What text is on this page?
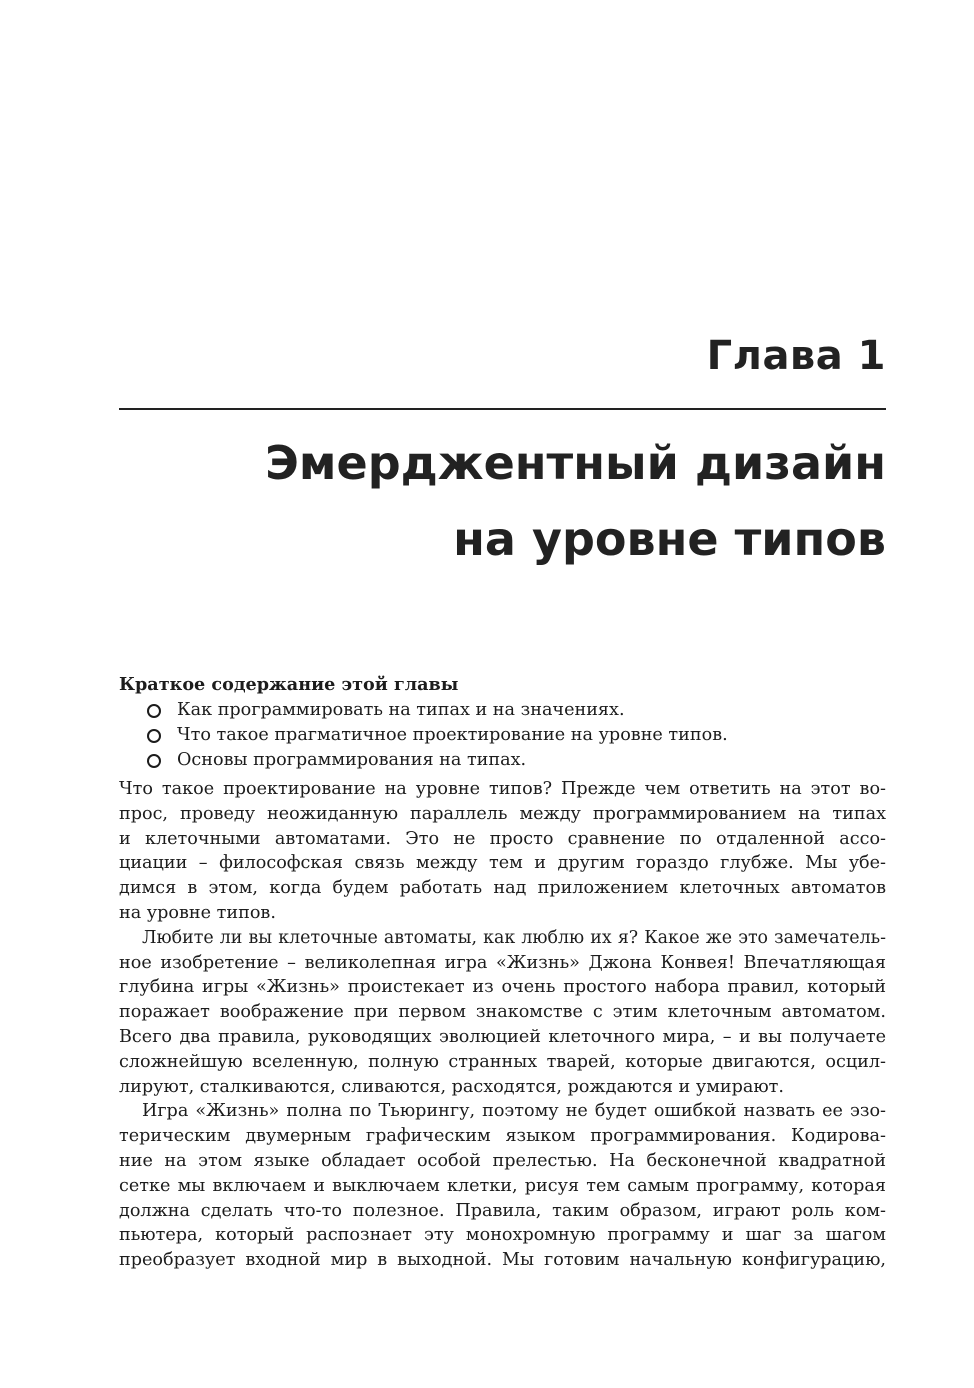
Глава 1
Эмерджентный дизайн
на уровне типов

Краткое содержание этой главы

Как программировать на типах и на значениях.
Что такое прагматичное проектирование на уровне типов.
Основы программирования на типах.

Что такое проектирование на уровне типов? Прежде чем ответить на этот во-
прос, проведу неожиданную параллель между программированием на типах
и клеточными автоматами. Это не просто сравнение по отдаленной ассо-
циации – философская связь между тем и другим гораздо глубже. Мы убе-
димся в этом, когда будем работать над приложением клеточных автоматов
на уровне типов.

Любите ли вы клеточные автоматы, как люблю их я? Какое же это замечатель-
ное изобретение – великолепная игра «Жизнь» Джона Конвея! Впечатляющая
глубина игры «Жизнь» проистекает из очень простого набора правил, который
поражает воображение при первом знакомстве с этим клеточным автоматом.
Всего два правила, руководящих эволюцией клеточного мира, – и вы получаете
сложнейшую вселенную, полную странных тварей, которые двигаются, осцил-
лируют, сталкиваются, сливаются, расходятся, рождаются и умирают.

Игра «Жизнь» полна по Тьюрингу, поэтому не будет ошибкой назвать ее эзо-
терическим двумерным графическим языком программирования. Кодирова-
ние на этом языке обладает особой прелестью. На бесконечной квадратной
сетке мы включаем и выключаем клетки, рисуя тем самым программу, которая
должна сделать что-то полезное. Правила, таким образом, играют роль ком-
пьютера, который распознает эту монохромную программу и шаг за шагом
преобразует входной мир в выходной. Мы готовим начальную конфигурацию,
